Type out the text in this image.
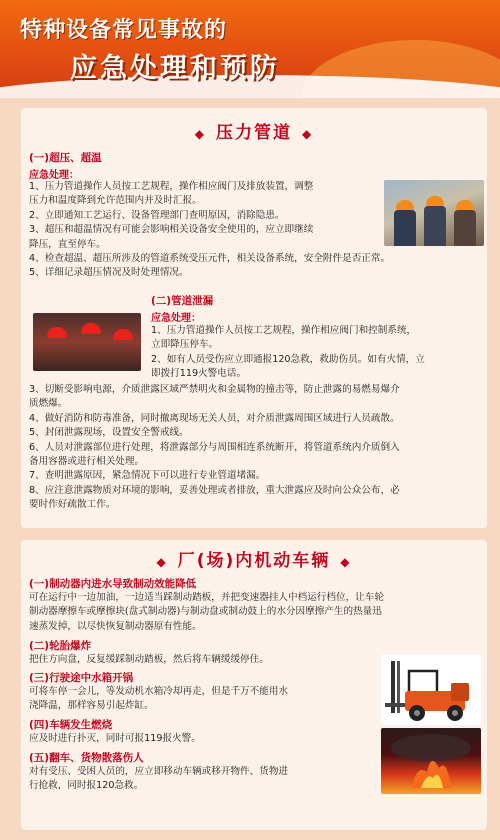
特种设备常见事故的
应急处理和预防
◆ 压力管道 ◆
(一)超压、超温
应急处理：
1、压力管道操作人员按工艺规程，操作相应阀门及排放装置，调整
压力和温度降到允许范围内并及时汇报。
2、立即通知工艺运行、设备管理部门查明原因，消除隐患。
3、超压和超温情况有可能会影响相关设备安全使用的，应立即继续
降压，直至停车。
4、检查超温、超压所涉及的管道系统受压元件，相关设备系统，安全附件是否正常。
5、详细记录超压情况及时处理情况。
(二)管道泄漏
应急处理：
1、压力管道操作人员按工艺规程，操作相应阀门和控制系统，
立即降压停车。
2、如有人员受伤应立即通报120急救，救助伤员。如有火情，立
即拨打119火警电话。
3、切断受影响电源，介质泄露区域严禁明火和金属物的撞击等，防止泄露的易燃易爆介
质燃爆。
4、做好消防和防毒准备，同时撤离现场无关人员，对介质泄露周围区域进行人员疏散。
5、封闭泄露现场，设置安全警戒线。
6、人员对泄露部位进行处理，将泄露部分与周围相连系统断开，将管道系统内介质倒入
备用容器或进行相关处理。
7、查明泄露原因，紧急情况下可以进行专业管道堵漏。
8、应注意泄露物质对环境的影响，妥善处理或者排放，重大泄露应及时向公众公布，必
要时作好疏散工作。
◆ 厂(场)内机动车辆 ◆
(一)制动器内进水导致制动效能降低
可在运行中一边加油，一边适当踩制动踏板，并把变速器挂人中档运行档位，让车轮
制动器摩擦车或摩擦块(盘式制动器)与制动盘或制动鼓上的水分因摩擦产生的热量迅
速蒸发掉，以尽快恢复制动器原有性能。
(二)轮胎爆炸
把住方向盘，反复缓踩制动踏板，然后将车辆缓缓停住。
(三)行驶途中水箱开锅
可将车停一会儿，等发动机水箱冷却再走，但是千万不能用水
浇降温，那样容易引起炸缸。
(四)车辆发生燃烧
应及时进行扑灭，同时可报119报火警。
(五)翻车、货物散落伤人
对有受压、受困人员的，应立即移动车辆或移开物件、货物进
行抢救，同时报120急救。
